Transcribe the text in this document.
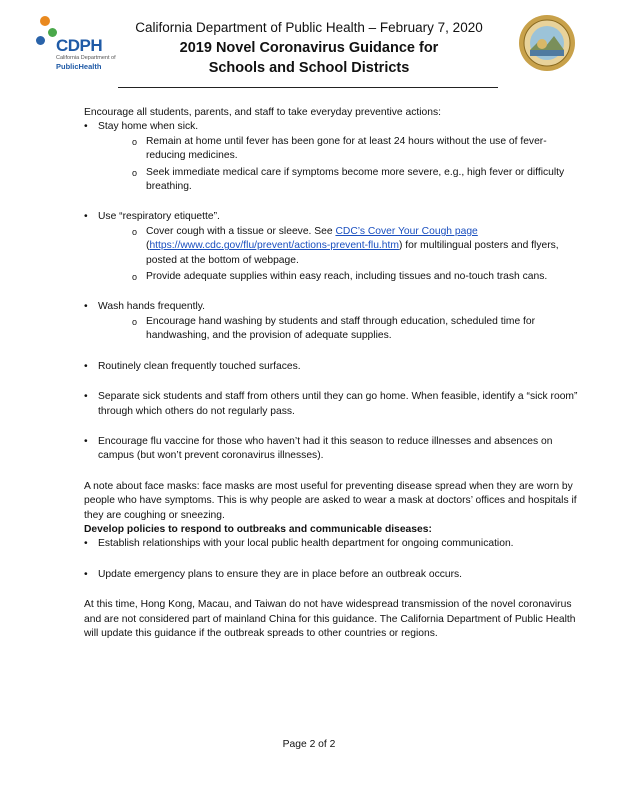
CDPH
California Department of
PublicHealth
California Department of Public Health – February 7, 2020
2019 Novel Coronavirus Guidance for
Schools and School Districts

Encourage all students, parents, and staff to take everyday preventive actions:

• Stay home when sick.
o Remain at home until fever has been gone for at least 24 hours without the use of fever-reducing medicines.
o Seek immediate medical care if symptoms become more severe, e.g., high fever or difficulty breathing.
• Use “respiratory etiquette”.
o Cover cough with a tissue or sleeve. See CDC’s Cover Your Cough page (https://www.cdc.gov/flu/prevent/actions-prevent-flu.htm) for multilingual posters and flyers, posted at the bottom of webpage.
o Provide adequate supplies within easy reach, including tissues and no-touch trash cans.
• Wash hands frequently.
o Encourage hand washing by students and staff through education, scheduled time for handwashing, and the provision of adequate supplies.
• Routinely clean frequently touched surfaces.
• Separate sick students and staff from others until they can go home. When feasible, identify a “sick room” through which others do not regularly pass.
• Encourage flu vaccine for those who haven’t had it this season to reduce illnesses and absences on campus (but won’t prevent coronavirus illnesses).

A note about face masks: face masks are most useful for preventing disease spread when they are worn by people who have symptoms. This is why people are asked to wear a mask at doctors’ offices and hospitals if they are coughing or sneezing.

Develop policies to respond to outbreaks and communicable diseases:

• Establish relationships with your local public health department for ongoing communication.
• Update emergency plans to ensure they are in place before an outbreak occurs.

At this time, Hong Kong, Macau, and Taiwan do not have widespread transmission of the novel coronavirus and are not considered part of mainland China for this guidance. The California Department of Public Health will update this guidance if the outbreak spreads to other countries or regions.

Page 2 of 2
